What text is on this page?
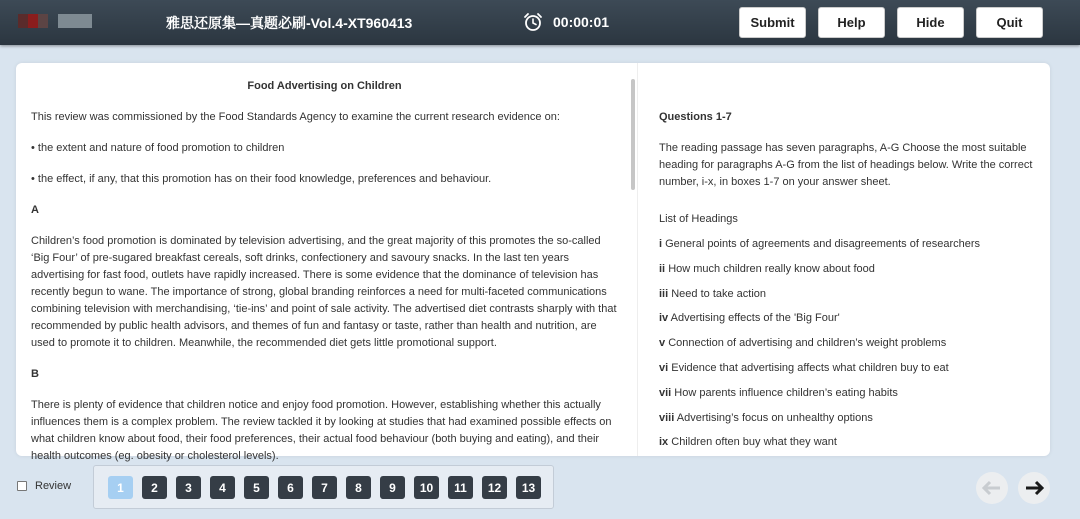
雅思还原集—真题必刷-Vol.4-XT960413	00:00:01	Submit	Help	Hide	Quit
Food Advertising on Children

This review was commissioned by the Food Standards Agency to examine the current research evidence on:

• the extent and nature of food promotion to children

• the effect, if any, that this promotion has on their food knowledge, preferences and behaviour.

A

Children’s food promotion is dominated by television advertising, and the great majority of this promotes the so-called ‘Big Four’ of pre-sugared breakfast cereals, soft drinks, confectionery and savoury snacks. In the last ten years advertising for fast food, outlets have rapidly increased. There is some evidence that the dominance of television has recently begun to wane. The importance of strong, global branding reinforces a need for multi-faceted communications combining television with merchandising, ‘tie-ins’ and point of sale activity. The advertised diet contrasts sharply with that recommended by public health advisors, and themes of fun and fantasy or taste, rather than health and nutrition, are used to promote it to children. Meanwhile, the recommended diet gets little promotional support.

B

There is plenty of evidence that children notice and enjoy food promotion. However, establishing whether this actually influences them is a complex problem. The review tackled it by looking at studies that had examined possible effects on what children know about food, their food preferences, their actual food behaviour (both buying and eating), and their health outcomes (eg. obesity or cholesterol levels).

Questions 1-7
The reading passage has seven paragraphs, A-G Choose the most suitable heading for paragraphs A-G from the list of headings below. Write the correct number, i-x, in boxes 1-7 on your answer sheet.
List of Headings
i General points of agreements and disagreements of researchers
ii How much children really know about food
iii Need to take action
iv Advertising effects of the 'Big Four'
v Connection of advertising and children’s weight problems
vi Evidence that advertising affects what children buy to eat
vii How parents influence children’s eating habits
viii Advertising’s focus on unhealthy options
ix Children often buy what they want
Review	1	2	3	4	5	6	7	8	9	10	11	12	13
